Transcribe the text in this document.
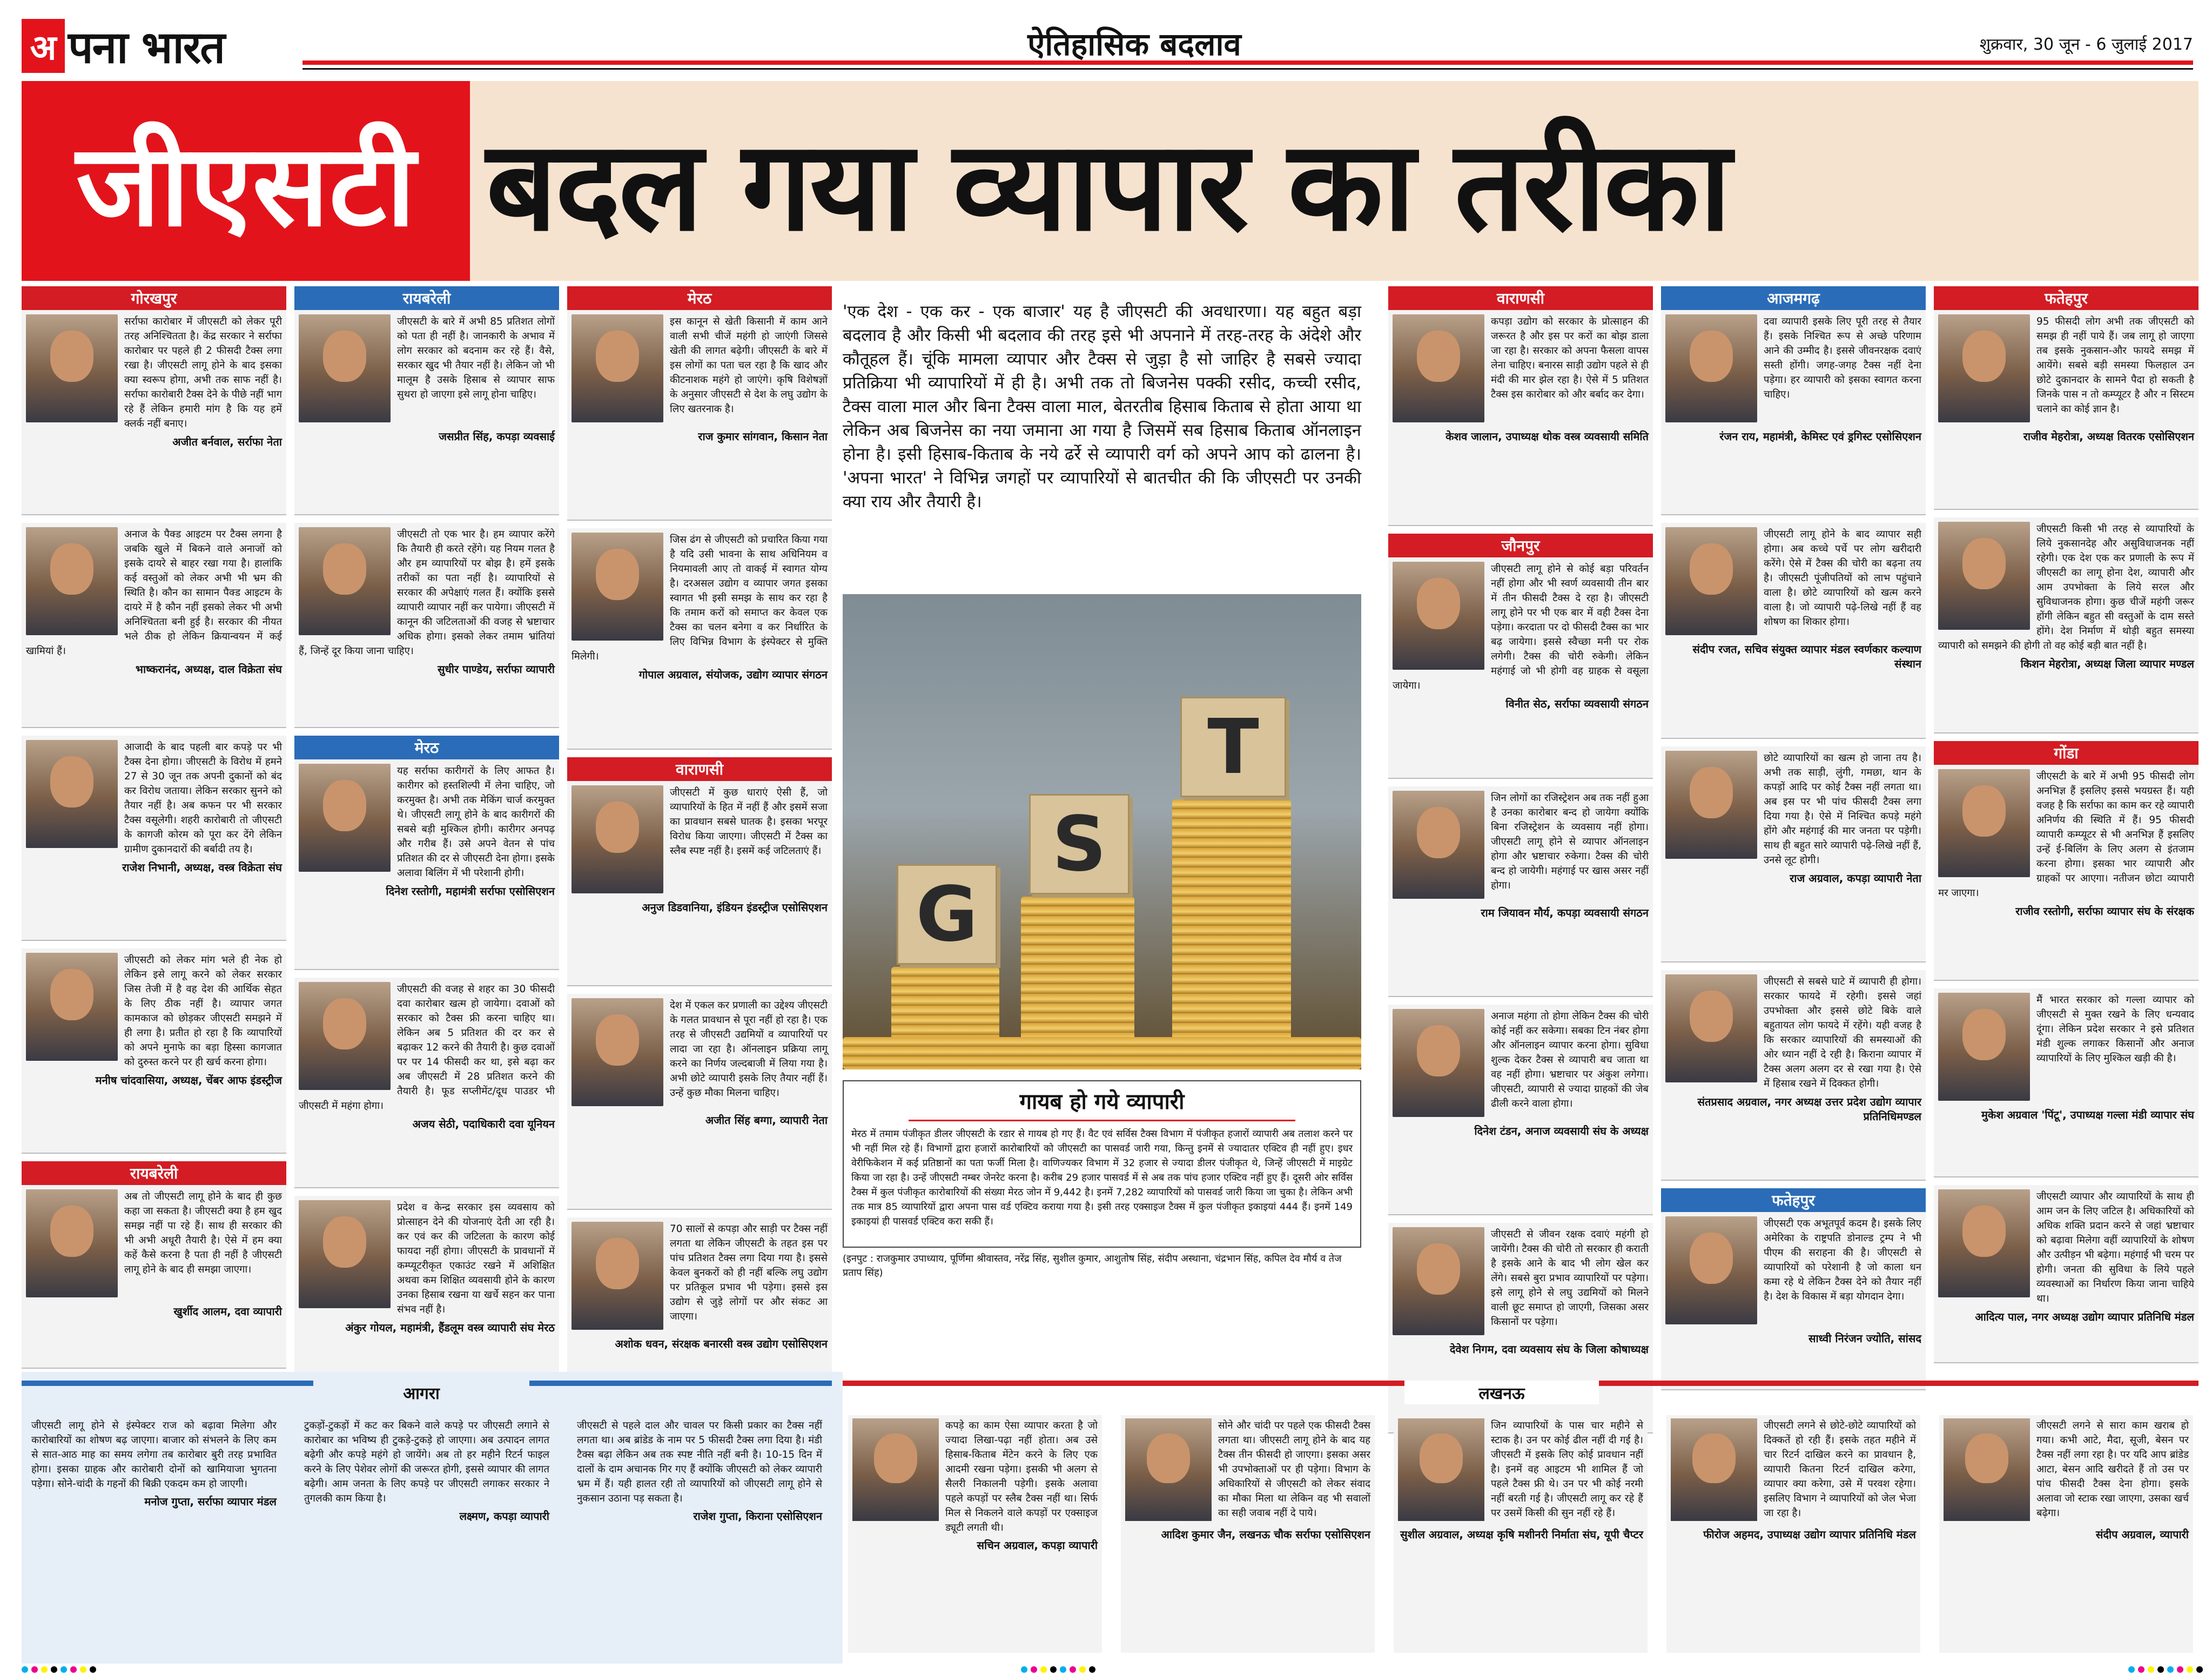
अ पना भारत	ऐतिहासिक बदलाव	शुक्रवार, 30 जून - 6 जुलाई 2017
जीएसटी बदल गया व्यापार का तरीका
गोरखपुर
सर्राफा कारोबार में जीएसटी को लेकर पूरी तरह अनिश्चितता है। केंद्र सरकार ने सर्राफा कारोबार पर पहले ही 2 फीसदी टैक्स लगा रखा है। जीएसटी लागू होने के बाद इसका क्या स्वरूप होगा, अभी तक साफ नहीं है। सर्राफा कारोबारी टैक्स देने के पीछे नहीं भाग रहे हैं लेकिन हमारी मांग है कि यह हमें क्लर्क नहीं बनाए।
अजीत बर्नवाल, सर्राफा नेता
अनाज के पैक्ड आइटम पर टैक्स लगना है जबकि खुले में बिकने वाले अनाजों को इसके दायरे से बाहर रखा गया है। हालांकि कई वस्तुओं को लेकर अभी भी भ्रम की स्थिति है। कौन का सामान पैक्ड आइटम के दायरे में है कौन नहीं इसको लेकर भी अभी अनिश्चितता बनी हुई है। सरकार की नीयत भले ठीक हो लेकिन क्रियान्वयन में कई खामियां हैं।
भाष्करानंद, अध्यक्ष, दाल विक्रेता संघ
आजादी के बाद पहली बार कपड़े पर भी टैक्स देना होगा। जीएसटी के विरोध में हमने 27 से 30 जून तक अपनी दुकानों को बंद कर विरोध जताया। लेकिन सरकार सुनने को तैयार नहीं है। अब कफन पर भी सरकार टैक्स वसूलेगी। शहरी कारोबारी तो जीएसटी के कागजी कोरम को पूरा कर देंगे लेकिन ग्रामीण दुकानदारों की बर्बादी तय है।
राजेश निभानी, अध्यक्ष, वस्त्र विक्रेता संघ
जीएसटी को लेकर मांग भले ही नेक हो लेकिन इसे लागू करने को लेकर सरकार जिस तेजी में है वह देश की आर्थिक सेहत के लिए ठीक नहीं है। व्यापार जगत कामकाज को छोड़कर जीएसटी समझने में ही लगा है। प्रतीत हो रहा है कि व्यापारियों को अपने मुनाफे का बड़ा हिस्सा कागजात को दुरुस्त करने पर ही खर्च करना होगा।
मनीष चांदवासिया, अध्यक्ष, चेंबर आफ इंडस्ट्रीज
रायबरेली
अब तो जीएसटी लागू होने के बाद ही कुछ कहा जा सकता है। जीएसटी क्या है हम खुद समझ नहीं पा रहे हैं। साथ ही सरकार की भी अभी अधूरी तैयारी है। ऐसे में हम क्या कहें कैसे करना है पता ही नहीं है जीएसटी लागू होने के बाद ही समझा जाएगा।
खुर्शीद आलम, दवा व्यापारी
रायबरेली
जीएसटी के बारे में अभी 85 प्रतिशत लोगों को पता ही नहीं है। जानकारी के अभाव में लोग सरकार को बदनाम कर रहे हैं। वैसे, सरकार खुद भी तैयार नहीं है। लेकिन जो भी मालूम है उसके हिसाब से व्यापार साफ सुथरा हो जाएगा इसे लागू होना चाहिए।
जसप्रीत सिंह, कपड़ा व्यवसाई
जीएसटी तो एक भार है। हम व्यापार करेंगे कि तैयारी ही करते रहेंगे। यह नियम गलत है और हम व्यापारियों पर बोझ है। हमें इसके तरीकों का पता नहीं है। व्यापारियों से सरकार की अपेक्षाएं गलत हैं। क्योंकि इससे व्यापारी व्यापार नहीं कर पायेगा। जीएसटी में कानून की जटिलताओं की वजह से भ्रष्टाचार अधिक होगा। इसको लेकर तमाम भ्रांतियां हैं, जिन्हें दूर किया जाना चाहिए।
सुधीर पाण्डेय, सर्राफा व्यापारी
मेरठ
यह सर्राफा कारीगरों के लिए आफत है। कारीगर को हस्तशिल्पी में लेना चाहिए, जो करमुक्त है। अभी तक मेकिंग चार्ज करमुक्त थे। जीएसटी लागू होने के बाद कारीगरों की सबसे बड़ी मुश्किल होगी। कारीगर अनपढ़ और गरीब हैं। उसे अपने वेतन से पांच प्रतिशत की दर से जीएसटी देना होगा। इसके अलावा बिलिंग में भी परेशानी होगी।
दिनेश रस्तोगी, महामंत्री सर्राफा एसोसिएशन
जीएसटी की वजह से शहर का 30 फीसदी दवा कारोबार खत्म हो जायेगा। दवाओं को सरकार को टैक्स फ्री करना चाहिए था। लेकिन अब 5 प्रतिशत की दर कर से बढ़ाकर 12 करने की तैयारी है। कुछ दवाओं पर पर 14 फीसदी कर था, इसे बढ़ा कर अब जीएसटी में 28 प्रतिशत करने की तैयारी है। फूड सप्लीमेंट/दूध पाउडर भी जीएसटी में महंगा होगा।
अजय सेठी, पदाधिकारी दवा यूनियन
प्रदेश व केन्द्र सरकार इस व्यवसाय को प्रोत्साहन देने की योजनाएं देती आ रही है। कर एवं कर की जटिलता के कारण कोई फायदा नहीं होगा। जीएसटी के प्रावधानों में कम्प्यूटरीकृत एकाउंट रखने में अशिक्षित अथवा कम शिक्षित व्यवसायी होने के कारण उनका हिसाब रखना या खर्चे सहन कर पाना संभव नहीं है।
अंकुर गोयल, महामंत्री, हैंडलूम वस्त्र व्यापारी संघ मेरठ
मेरठ
इस कानून से खेती किसानी में काम आने वाली सभी चीजें महंगी हो जाएंगी जिससे खेती की लागत बढ़ेगी। जीएसटी के बारे में इस लोगों का पता चल रहा है कि खाद और कीटनाशक महंगे हो जाएंगे। कृषि विशेषज्ञों के अनुसार जीएसटी से देश के लघु उद्योग के लिए खतरनाक है।
राज कुमार सांगवान, किसान नेता
जिस ढंग से जीएसटी को प्रचारित किया गया है यदि उसी भावना के साथ अधिनियम व नियमावली आए तो वाकई में स्वागत योग्य है। दरअसल उद्योग व व्यापार जगत इसका स्वागत भी इसी समझ के साथ कर रहा है कि तमाम करों को समाप्त कर केवल एक टैक्स का चलन बनेगा व कर निर्धारित के लिए विभिन्न विभाग के इंस्पेक्टर से मुक्ति मिलेगी।
गोपाल अग्रवाल, संयोजक, उद्योग व्यापार संगठन
वाराणसी
जीएसटी में कुछ धाराएं ऐसी हैं, जो व्यापारियों के हित में नहीं हैं और इसमें सजा का प्रावधान सबसे घातक है। इसका भरपूर विरोध किया जाएगा। जीएसटी में टैक्स का स्लैब स्पष्ट नहीं है। इसमें कई जटिलताएं हैं।
अनुज डिडवानिया, इंडियन इंडस्ट्रीज एसोसिएशन
देश में एकल कर प्रणाली का उद्देश्य जीएसटी के गलत प्रावधान से पूरा नहीं हो रहा है। एक तरह से जीएसटी उद्यमियों व व्यापारियों पर लादा जा रहा है। ऑनलाइन प्रक्रिया लागू करने का निर्णय जल्दबाजी में लिया गया है। अभी छोटे व्यापारी इसके लिए तैयार नहीं हैं। उन्हें कुछ मौका मिलना चाहिए।
अजीत सिंह बग्गा, व्यापारी नेता
70 सालों से कपड़ा और साड़ी पर टैक्स नहीं लगता था लेकिन जीएसटी के तहत इस पर पांच प्रतिशत टैक्स लगा दिया गया है। इससे केवल बुनकरों को ही नहीं बल्कि लघु उद्योग पर प्रतिकूल प्रभाव भी पड़ेगा। इससे इस उद्योग से जुड़े लोगों पर और संकट आ जाएगा।
अशोक धवन, संरक्षक बनारसी वस्त्र उद्योग एसोसिएशन
वाराणसी
कपड़ा उद्योग को सरकार के प्रोत्साहन की जरूरत है और इस पर करों का बोझ डाला जा रहा है। सरकार को अपना फैसला वापस लेना चाहिए। बनारस साड़ी उद्योग पहले से ही मंदी की मार झेल रहा है। ऐसे में 5 प्रतिशत टैक्स इस कारोबार को और बर्बाद कर देगा।
केशव जालान, उपाध्यक्ष थोक वस्त्र व्यवसायी समिति
जौनपुर
जीएसटी लागू होने से कोई बड़ा परिवर्तन नहीं होगा और भी स्वर्ण व्यवसायी तीन बार में तीन फीसदी टैक्स दे रहा है। जीएसटी लागू होने पर भी एक बार में वही टैक्स देना पड़ेगा। करदाता पर दो फीसदी टैक्स का भार बढ़ जायेगा। इससे स्वैच्छा मनी पर रोक लगेगी। टैक्स की चोरी रुकेगी। लेकिन महंगाई जो भी होगी वह ग्राहक से वसूला जायेगा।
विनीत सेठ, सर्राफा व्यवसायी संगठन
जिन लोगों का रजिस्ट्रेशन अब तक नहीं हुआ है उनका कारोबार बन्द हो जायेगा क्योंकि बिना रजिस्ट्रेशन के व्यवसाय नहीं होगा। जीएसटी लागू होने से व्यापार ऑनलाइन होगा और भ्रष्टाचार रुकेगा। टैक्स की चोरी बन्द हो जायेगी। महंगाई पर खास असर नहीं होगा।
राम जियावन मौर्य, कपड़ा व्यवसायी संगठन
अनाज महंगा तो होगा लेकिन टैक्स की चोरी कोई नहीं कर सकेगा। सबका टिन नंबर होगा और ऑनलाइन व्यापार करना होगा। सुविधा शुल्क देकर टैक्स से व्यापारी बच जाता था वह नहीं होगा। भ्रष्टाचार पर अंकुश लगेगा। जीएसटी, व्यापारी से ज्यादा ग्राहकों की जेब ढीली करने वाला होगा।
दिनेश टंडन, अनाज व्यवसायी संघ के अध्यक्ष
जीएसटी से जीवन रक्षक दवाएं महंगी हो जायेंगी। टैक्स की चोरी तो सरकार ही कराती है इसके आने के बाद भी लोग खेल कर लेंगे। सबसे बुरा प्रभाव व्यापारियों पर पड़ेगा। इसे लागू होने से लघु उद्यमियों को मिलने वाली छूट समाप्त हो जाएगी, जिसका असर किसानों पर पड़ेगा।
देवेश निगम, दवा व्यवसाय संघ के जिला कोषाध्यक्ष
आजमगढ़
दवा व्यापारी इसके लिए पूरी तरह से तैयार हैं। इसके निश्चित रूप से अच्छे परिणाम आने की उम्मीद है। इससे जीवनरक्षक दवाएं सस्ती होंगी। जगह-जगह टैक्स नहीं देना पड़ेगा। हर व्यापारी को इसका स्वागत करना चाहिए।
रंजन राय, महामंत्री, केमिस्ट एवं ड्रगिस्ट एसोसिएशन
जीएसटी लागू होने के बाद व्यापार सही होगा। अब कच्चे पर्चे पर लोग खरीदारी करेंगे। ऐसे में टैक्स की चोरी का बढ़ना तय है। जीएसटी पूंजीपतियों को लाभ पहुंचाने वाला है। छोटे व्यापारियों को खत्म करने वाला है। जो व्यापारी पढ़े-लिखे नहीं हैं वह शोषण का शिकार होगा।
संदीप रजत, सचिव संयुक्त व्यापार मंडल स्वर्णकार कल्याण संस्थान
छोटे व्यापारियों का खत्म हो जाना तय है। अभी तक साड़ी, लुंगी, गमछा, थान के कपड़ों आदि पर कोई टैक्स नहीं लगता था। अब इस पर भी पांच फीसदी टैक्स लगा दिया गया है। ऐसे में निश्चित कपड़े महंगे होंगे और महंगाई की मार जनता पर पड़ेगी। साथ ही बहुत सारे व्यापारी पढ़े-लिखे नहीं हैं, उनसे लूट होगी।
राज अग्रवाल, कपड़ा व्यापारी नेता
जीएसटी से सबसे घाटे में व्यापारी ही होगा। सरकार फायदे में रहेगी। इससे जहां उपभोक्ता और इससे छोटे बिके वाले बहुतायत लोग फायदे में रहेंगे। यही वजह है कि सरकार व्यापारियों की समस्याओं की ओर ध्यान नहीं दे रही है। किराना व्यापार में टैक्स अलग अलग दर से रखा गया है। ऐसे में हिसाब रखने में दिक्कत होगी।
संतप्रसाद अग्रवाल, नगर अध्यक्ष उत्तर प्रदेश उद्योग व्यापार प्रतिनिधिमण्डल
फतेहपुर
जीएसटी एक अभूतपूर्व कदम है। इसके लिए अमेरिका के राष्ट्रपति डोनाल्ड ट्रम्प ने भी पीएम की सराहना की है। जीएसटी से व्यापारियों को परेशानी है जो काला धन कमा रहे थे लेकिन टैक्स देने को तैयार नहीं है। देश के विकास में बड़ा योगदान देगा।
साध्वी निरंजन ज्योति, सांसद
फतेहपुर
95 फीसदी लोग अभी तक जीएसटी को समझ ही नहीं पाये हैं। जब लागू हो जाएगा तब इसके नुकसान-और फायदे समझ में आयेंगे। सबसे बड़ी समस्या फिलहाल उन छोटे दुकानदार के सामने पैदा हो सकती है जिनके पास न तो कम्प्यूटर है और न सिस्टम चलाने का कोई ज्ञान है।
राजीव मेहरोत्रा, अध्यक्ष वितरक एसोसिएशन
जीएसटी किसी भी तरह से व्यापारियों के लिये नुकसानदेह और असुविधाजनक नहीं रहेगी। एक देश एक कर प्रणाली के रूप में जीएसटी का लागू होना देश, व्यापारी और आम उपभोक्ता के लिये सरल और सुविधाजनक होगा। कुछ चीजें महंगी जरूर होंगी लेकिन बहुत सी वस्तुओं के दाम सस्ते होंगे। देश निर्माण में थोड़ी बहुत समस्या व्यापारी को समझने की होगी तो वह कोई बड़ी बात नहीं है।
किशन मेहरोत्रा, अध्यक्ष जिला व्यापार मण्डल
गोंडा
जीएसटी के बारे में अभी 95 फीसदी लोग अनभिज्ञ हैं इसलिए इससे भयग्रस्त हैं। यही वजह है कि सर्राफा का काम कर रहे व्यापारी अनिर्णय की स्थिति में हैं। 95 फीसदी व्यापारी कम्प्यूटर से भी अनभिज्ञ हैं इसलिए उन्हें ई-बिलिंग के लिए अलग से इंतजाम करना होगा। इसका भार व्यापारी और ग्राहकों पर आएगा। नतीजन छोटा व्यापारी मर जाएगा।
राजीव रस्तोगी, सर्राफा व्यापार संघ के संरक्षक
मैं भारत सरकार को गल्ला व्यापार को जीएसटी से मुक्त रखने के लिए धन्यवाद दूंगा। लेकिन प्रदेश सरकार ने इसे प्रतिशत मंडी शुल्क लगाकर किसानों और अनाज व्यापारियों के लिए मुश्किल खड़ी की है।
मुकेश अग्रवाल 'पिंटू', उपाध्यक्ष गल्ला मंडी व्यापार संघ
जीएसटी व्यापार और व्यापारियों के साथ ही आम जन के लिए जटिल है। अधिकारियों को अधिक शक्ति प्रदान करने से जहां भ्रष्टाचार को बढ़ावा मिलेगा वहीं व्यापारियों के शोषण और उत्पीड़न भी बढ़ेगा। महंगाई भी चरम पर होगी। जनता की सुविधा के लिये पहले व्यवस्थाओं का निर्धारण किया जाना चाहिये था।
आदित्य पाल, नगर अध्यक्ष उद्योग व्यापार प्रतिनिधि मंडल
'एक देश - एक कर - एक बाजार' यह है जीएसटी की अवधारणा। यह बहुत बड़ा बदलाव है और किसी भी बदलाव की तरह इसे भी अपनाने में तरह-तरह के अंदेशे और कौतूहल हैं। चूंकि मामला व्यापार और टैक्स से जुड़ा है सो जाहिर है सबसे ज्यादा प्रतिक्रिया भी व्यापारियों में ही है। अभी तक तो बिजनेस पक्की रसीद, कच्ची रसीद, टैक्स वाला माल और बिना टैक्स वाला माल, बेतरतीब हिसाब किताब से होता आया था लेकिन अब बिजनेस का नया जमाना आ गया है जिसमें सब हिसाब किताब ऑनलाइन होना है। इसी हिसाब-किताब के नये ढर्रे से व्यापारी वर्ग को अपने आप को ढालना है। 'अपना भारत' ने विभिन्न जगहों पर व्यापारियों से बातचीत की कि जीएसटी पर उनकी क्या राय और तैयारी है।
G
S
T
गायब हो गये व्यापारी
मेरठ में तमाम पंजीकृत डीलर जीएसटी के रडार से गायब हो गए हैं। वैट एवं सर्विस टैक्स विभाग में पंजीकृत हजारों व्यापारी अब तलाश करने पर भी नहीं मिल रहे हैं। विभागों द्वारा हजारों कारोबारियों को जीएसटी का पासवर्ड जारी गया, किन्तु इनमें से ज्यादातर एक्टिव ही नहीं हुए। इधर वेरीफिकेशन में कई प्रतिष्ठानों का पता फर्जी मिला है। वाणिज्यकर विभाग में 32 हजार से ज्यादा डीलर पंजीकृत थे, जिन्हें जीएसटी में माइग्रेट किया जा रहा है। उन्हें जीएसटी नम्बर जेनरेट करना है। करीब 29 हजार पासवर्ड में से अब तक पांच हजार एक्टिव नहीं हुए हैं। दूसरी ओर सर्विस टैक्स में कुल पंजीकृत कारोबारियों की संख्या मेरठ जोन में 9,442 है। इनमें 7,282 व्यापारियों को पासवर्ड जारी किया जा चुका है। लेकिन अभी तक मात्र 85 व्यापारियों द्वारा अपना पास वर्ड एक्टिव कराया गया है। इसी तरह एक्साइज टैक्स में कुल पंजीकृत इकाइयां 444 हैं। इनमें 149 इकाइयां ही पासवर्ड एक्टिव करा सकी हैं।
(इनपुट : राजकुमार उपाध्याय, पूर्णिमा श्रीवास्तव, नरेंद्र सिंह, सुशील कुमार, आशुतोष सिंह, संदीप अस्थाना, चंद्रभान सिंह, कपिल देव मौर्य व तेज प्रताप सिंह)
आगरा	लखनऊ
जीएसटी लागू होने से इंस्पेक्टर राज को बढ़ावा मिलेगा और कारोबारियों का शोषण बढ़ जाएगा। बाजार को संभलने के लिए कम से सात-आठ माह का समय लगेगा तब कारोबार बुरी तरह प्रभावित होगा। इसका ग्राहक और कारोबारी दोनों को खामियाजा भुगतना पड़ेगा। सोने-चांदी के गहनों की बिक्री एकदम कम हो जाएगी।
मनोज गुप्ता, सर्राफा व्यापार मंडल
टुकड़ों-टुकड़ों में कट कर बिकने वाले कपड़े पर जीएसटी लगाने से कारोबार का भविष्य ही टुकड़े-टुकड़े हो जाएगा। अब उत्पादन लागत बढ़ेगी और कपड़े महंगे हो जायेंगे। अब तो हर महीने रिटर्न फाइल करने के लिए पेशेवर लोगों की जरूरत होगी, इससे व्यापार की लागत बढ़ेगी। आम जनता के लिए कपड़े पर जीएसटी लगाकर सरकार ने तुगलकी काम किया है।
लक्ष्मण, कपड़ा व्यापारी
जीएसटी से पहले दाल और चावल पर किसी प्रकार का टैक्स नहीं लगता था। अब ब्रांडेड के नाम पर 5 फीसदी टैक्स लगा दिया है। मंडी टैक्स बढ़ा लेकिन अब तक स्पष्ट नीति नहीं बनी है। 10-15 दिन में दालों के दाम अचानक गिर गए हैं क्योंकि जीएसटी को लेकर व्यापारी भ्रम में हैं। यही हालत रही तो व्यापारियों को जीएसटी लागू होने से नुकसान उठाना पड़ सकता है।
राजेश गुप्ता, किराना एसोसिएशन
कपड़े का काम ऐसा व्यापार करता है जो ज्यादा लिखा-पढ़ा नहीं होता। अब उसे हिसाब-किताब मेंटेन करने के लिए एक आदमी रखना पड़ेगा। इसकी भी अलग से सैलरी निकालनी पड़ेगी। इसके अलावा पहले कपड़ों पर स्लैब टैक्स नहीं था। सिर्फ मिल से निकलने वाले कपड़ों पर एक्साइज ड्यूटी लगती थी।
सचिन अग्रवाल, कपड़ा व्यापारी
सोने और चांदी पर पहले एक फीसदी टैक्स लगता था। जीएसटी लागू होने के बाद यह टैक्स तीन फीसदी हो जाएगा। इसका असर भी उपभोक्ताओं पर ही पड़ेगा। विभाग के अधिकारियों से जीएसटी को लेकर संवाद का मौका मिला था लेकिन वह भी सवालों का सही जवाब नहीं दे पाये।
आदिश कुमार जैन, लखनऊ चौक सर्राफा एसोसिएशन
जिन व्यापारियों के पास चार महीने से स्टाक है। उन पर कोई ढील नहीं दी गई है। जीएसटी में इसके लिए कोई प्रावधान नहीं है। इनमें वह आइटम भी शामिल हैं जो पहले टैक्स फ्री थे। उन पर भी कोई नरमी नहीं बरती गई है। जीएसटी लागू कर रहे हैं पर उसमें किसी की सुन नहीं रहे हैं।
सुशील अग्रवाल, अध्यक्ष कृषि मशीनरी निर्माता संघ, यूपी चैप्टर
जीएसटी लगने से छोटे-छोटे व्यापारियों को दिक्कतें हो रही हैं। इसके तहत महीने में चार रिटर्न दाखिल करने का प्रावधान है, व्यापारी कितना रिटर्न दाखिल करेगा, व्यापार क्या करेगा, उसे में परवश रहेगा। इसलिए विभाग ने व्यापारियों को जेल भेजा जा रहा है।
फीरोज अहमद, उपाध्यक्ष उद्योग व्यापार प्रतिनिधि मंडल
जीएसटी लगने से सारा काम खराब हो गया। कभी आटे, मैदा, सूजी, बेसन पर टैक्स नहीं लगा रहा है। पर यदि आप ब्रांडेड आटा, बेसन आदि खरीदते हैं तो उस पर पांच फीसदी टैक्स देना होगा। इसके अलावा जो स्टाक रखा जाएगा, उसका खर्च बढ़ेगा।
संदीप अग्रवाल, व्यापारी
